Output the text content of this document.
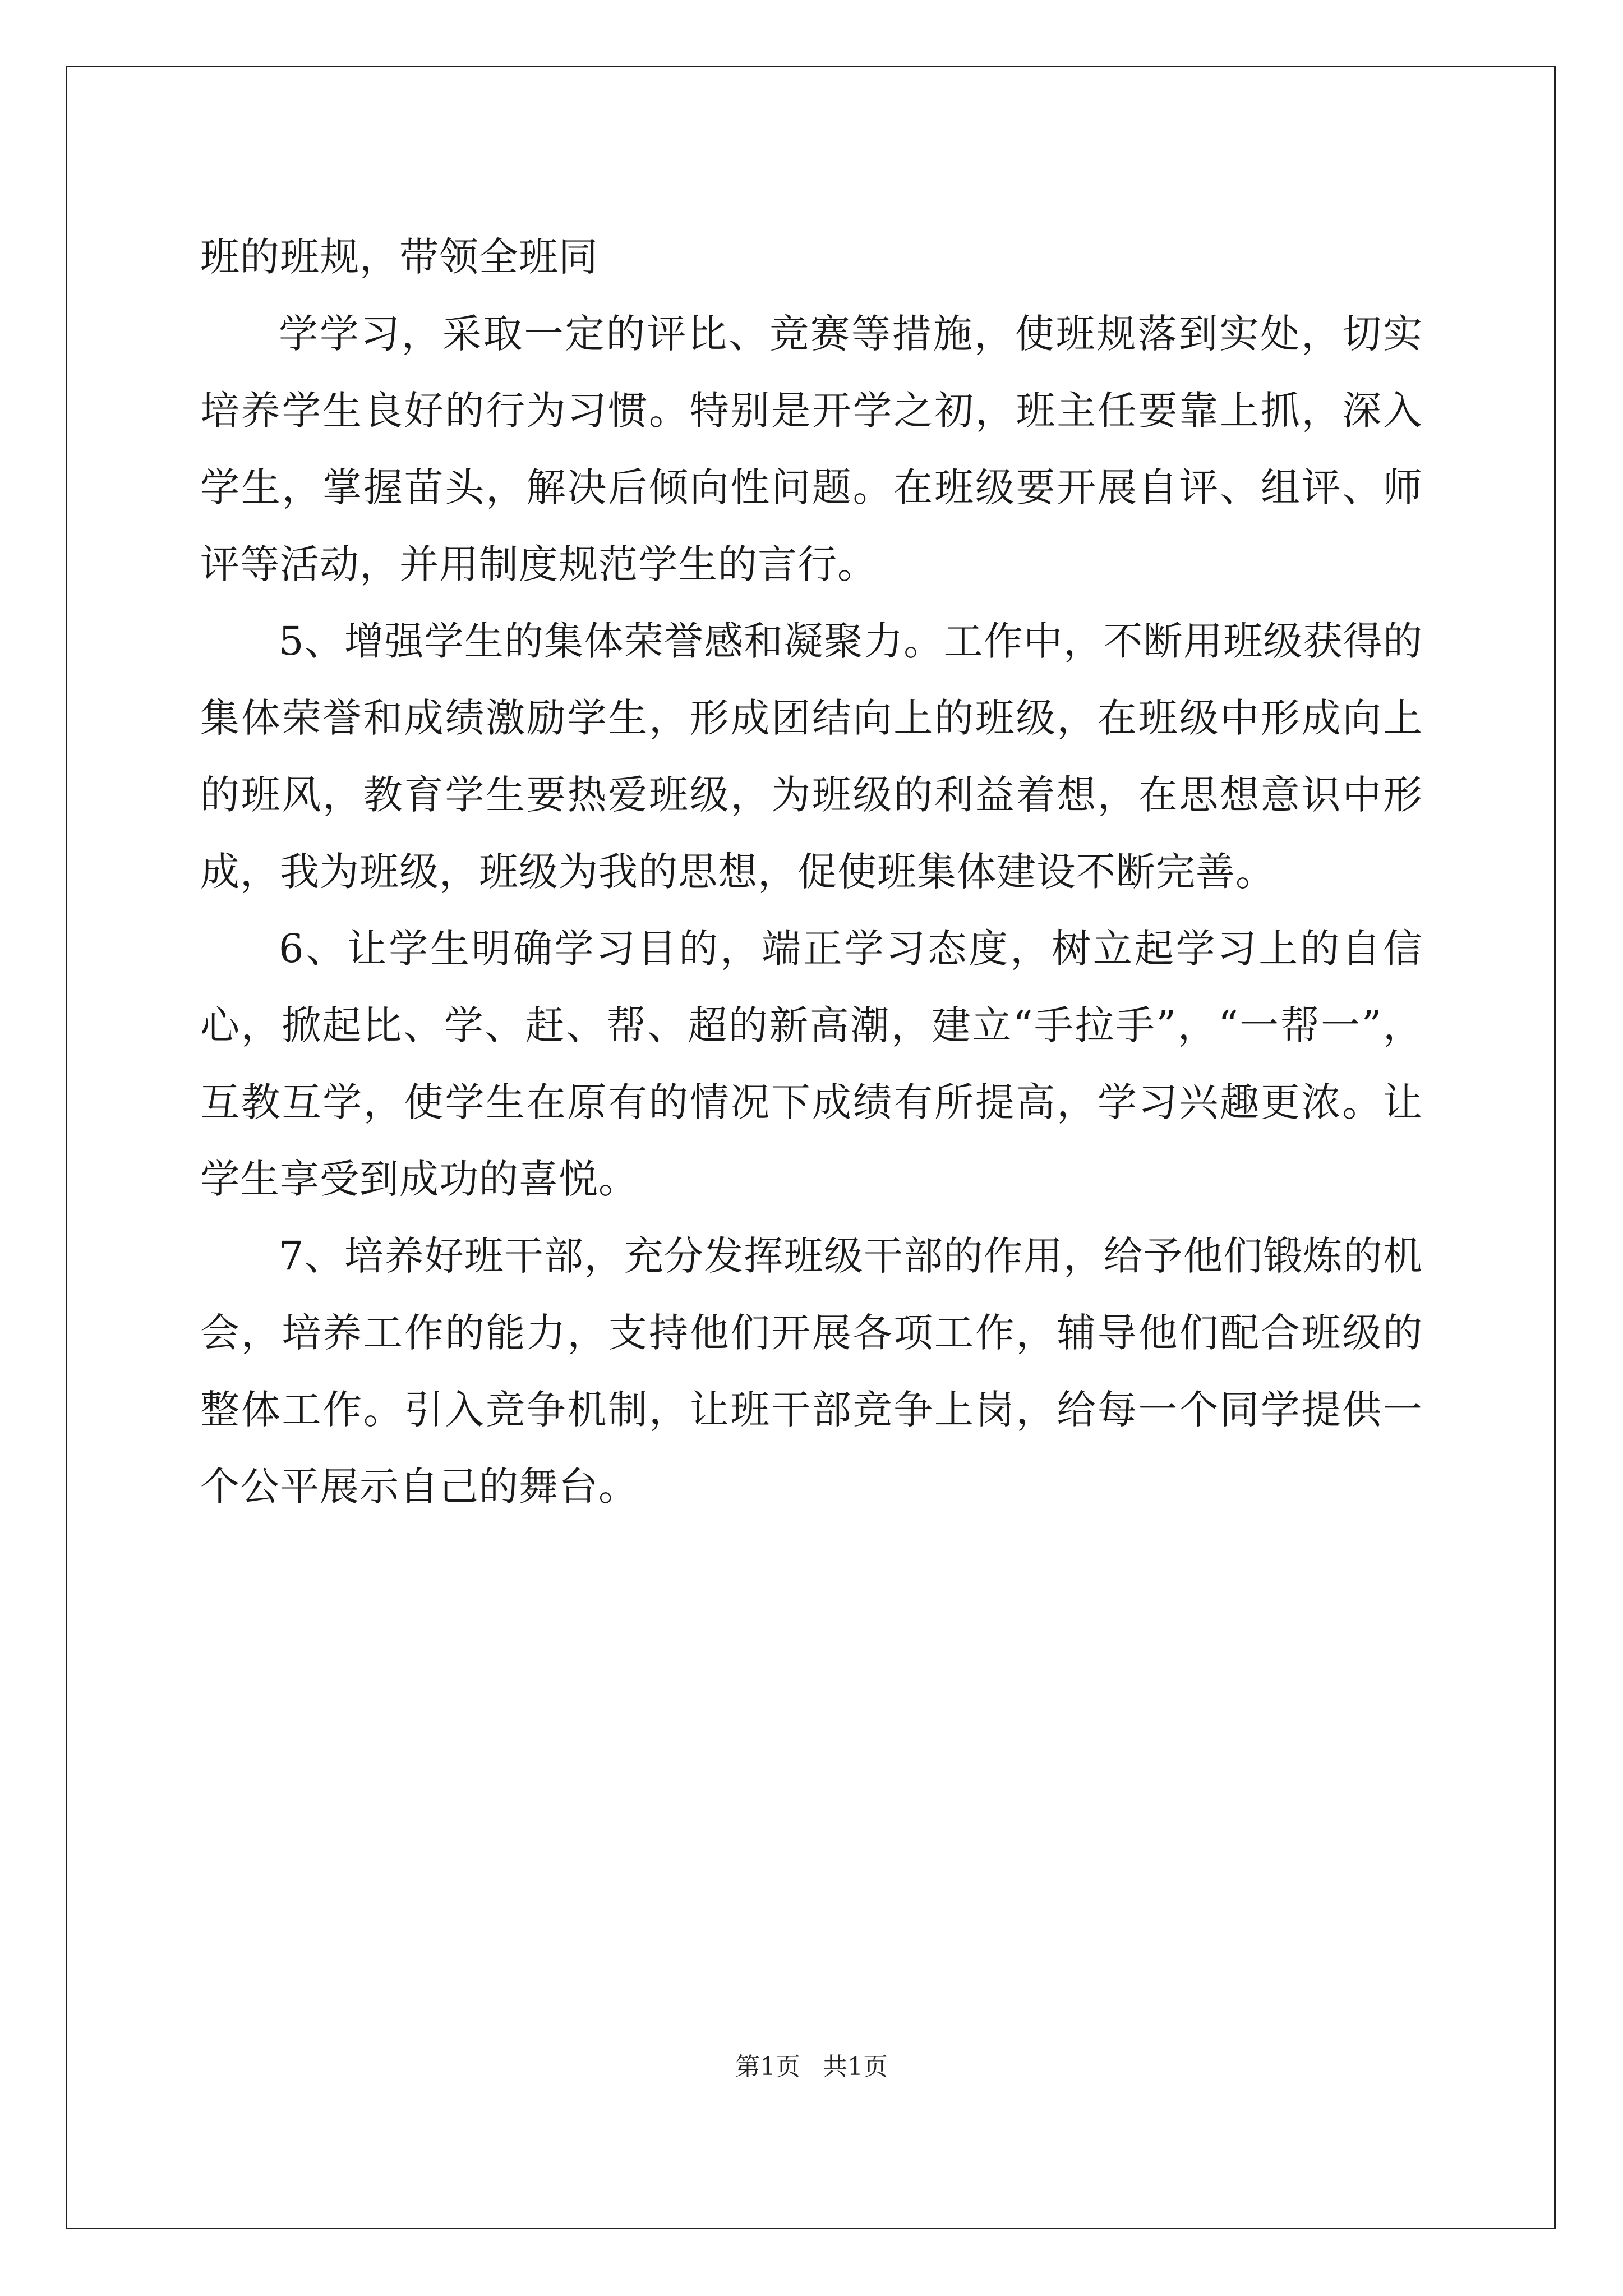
班的班规，带领全班同

学学习，采取一定的评比、竞赛等措施，使班规落到实处，切实培养学生良好的行为习惯。特别是开学之初，班主任要靠上抓，深入学生，掌握苗头，解决后倾向性问题。在班级要开展自评、组评、师评等活动，并用制度规范学生的言行。

5、增强学生的集体荣誉感和凝聚力。工作中，不断用班级获得的集体荣誉和成绩激励学生，形成团结向上的班级，在班级中形成向上的班风，教育学生要热爱班级，为班级的利益着想，在思想意识中形成，我为班级，班级为我的思想，促使班集体建设不断完善。

6、让学生明确学习目的，端正学习态度，树立起学习上的自信心，掀起比、学、赶、帮、超的新高潮，建立“手拉手”，“一帮一”，互教互学，使学生在原有的情况下成绩有所提高，学习兴趣更浓。让学生享受到成功的喜悦。

7、培养好班干部，充分发挥班级干部的作用，给予他们锻炼的机会，培养工作的能力，支持他们开展各项工作，辅导他们配合班级的整体工作。引入竞争机制，让班干部竞争上岗，给每一个同学提供一个公平展示自己的舞台。

第1页 共1页
